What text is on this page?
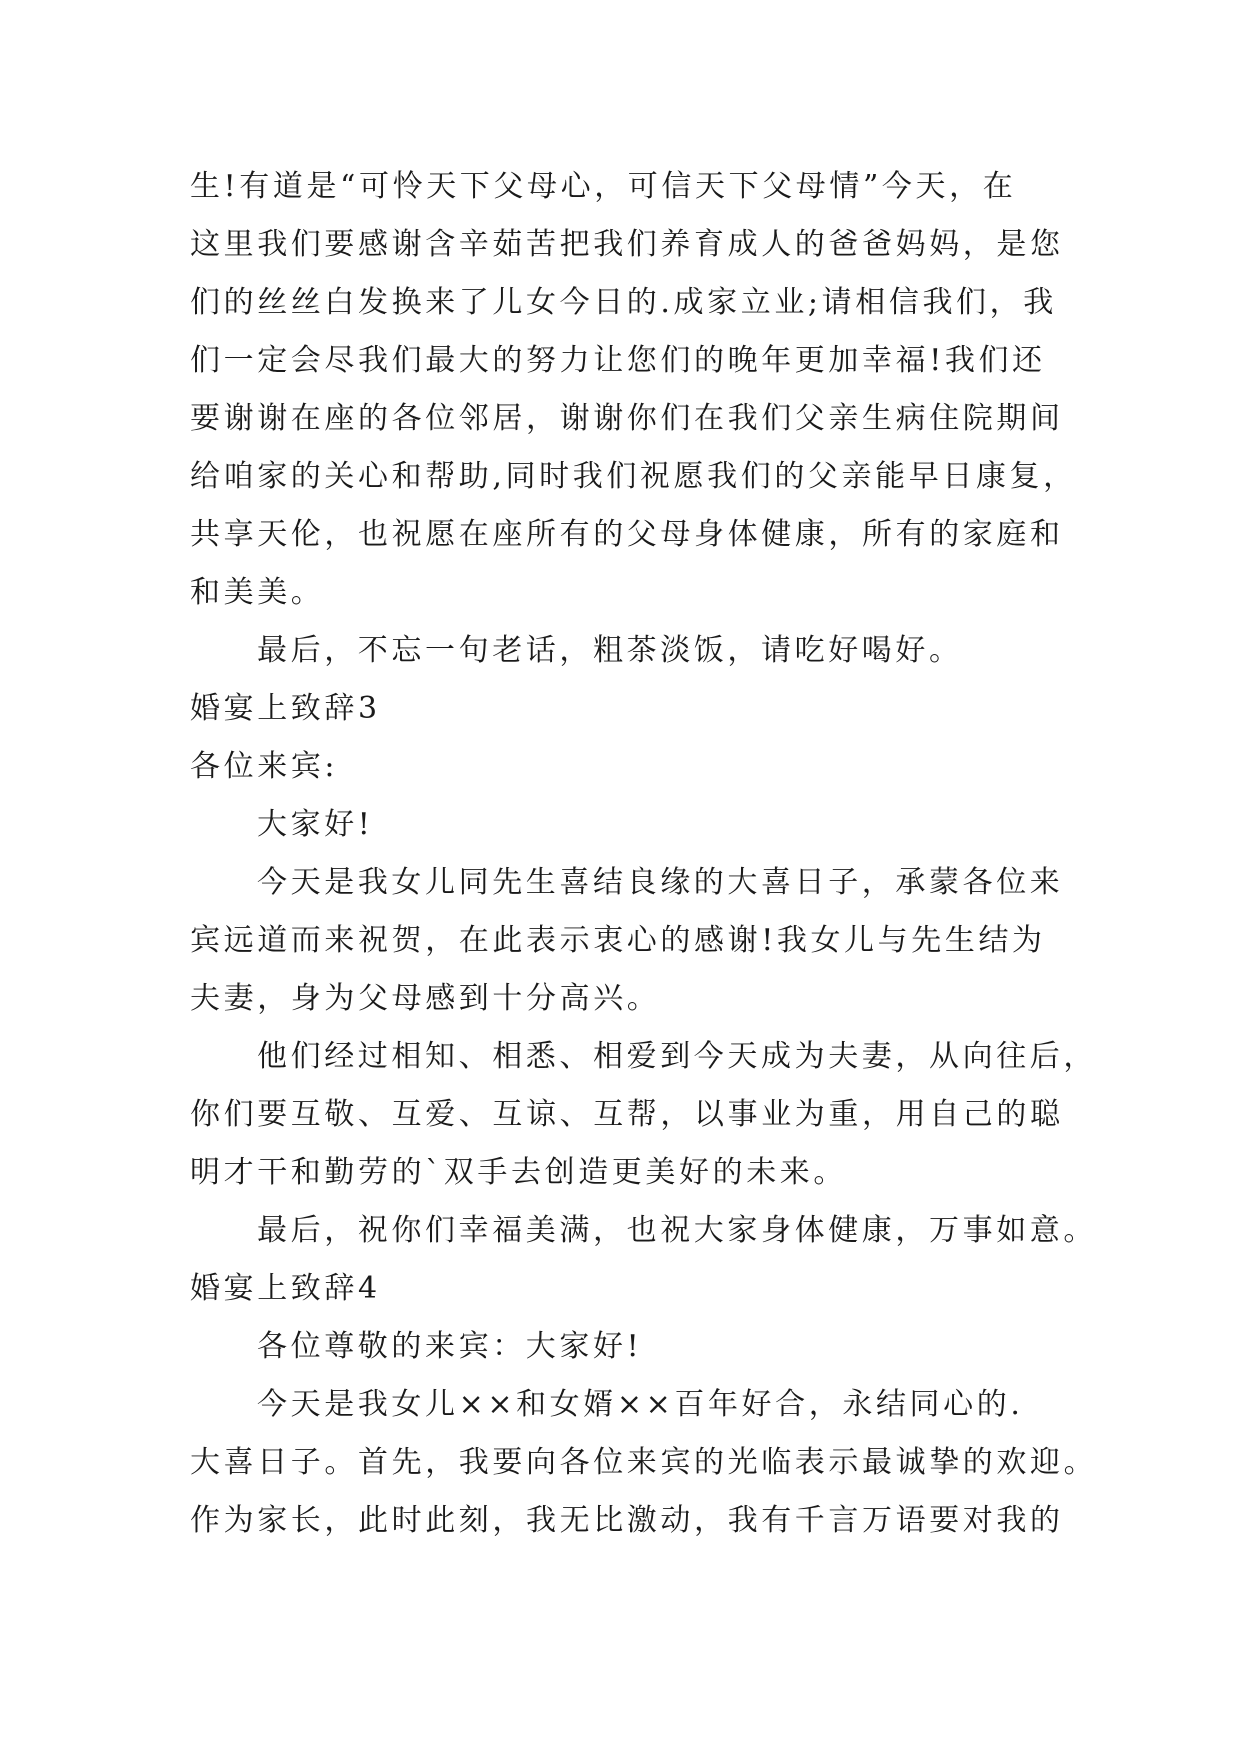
生!有道是“可怜天下父母心，可信天下父母情”今天，在
这里我们要感谢含辛茹苦把我们养育成人的爸爸妈妈，是您
们的丝丝白发换来了儿女今日的.成家立业;请相信我们，我
们一定会尽我们最大的努力让您们的晚年更加幸福!我们还
要谢谢在座的各位邻居，谢谢你们在我们父亲生病住院期间
给咱家的关心和帮助,同时我们祝愿我们的父亲能早日康复，
共享天伦，也祝愿在座所有的父母身体健康，所有的家庭和
和美美。
最后，不忘一句老话，粗茶淡饭，请吃好喝好。
婚宴上致辞3
各位来宾:
大家好!
今天是我女儿同先生喜结良缘的大喜日子，承蒙各位来
宾远道而来祝贺，在此表示衷心的感谢!我女儿与先生结为
夫妻，身为父母感到十分高兴。
他们经过相知、相悉、相爱到今天成为夫妻，从向往后，
你们要互敬、互爱、互谅、互帮，以事业为重，用自己的聪
明才干和勤劳的`双手去创造更美好的未来。
最后，祝你们幸福美满，也祝大家身体健康，万事如意。
婚宴上致辞4
各位尊敬的来宾：大家好!
今天是我女儿××和女婿××百年好合，永结同心的.
大喜日子。首先，我要向各位来宾的光临表示最诚挚的欢迎。
作为家长，此时此刻，我无比激动，我有千言万语要对我的
